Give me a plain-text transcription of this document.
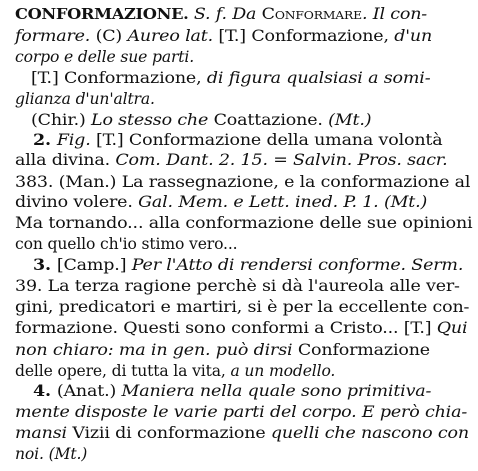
CONFORMAZIONE. S. f. Da Conformare. Il con-
formare. (C) Aureo lat. [T.] Conformazione, d'un
corpo e delle sue parti.
[T.] Conformazione, di figura qualsiasi a somi-
glianza d'un'altra.
(Chir.) Lo stesso che Coattazione. (Mt.)
2. Fig. [T.] Conformazione della umana volontà
alla divina. Com. Dant. 2. 15. = Salvin. Pros. sacr.
383. (Man.) La rassegnazione, e la conformazione al
divino volere. Gal. Mem. e Lett. ined. P. 1. (Mt.)
Ma tornando... alla conformazione delle sue opinioni
con quello ch'io stimo vero...
3. [Camp.] Per l'Atto di rendersi conforme. Serm.
39. La terza ragione perchè si dà l'aureola alle ver-
gini, predicatori e martiri, si è per la eccellente con-
formazione. Questi sono conformi a Cristo... [T.] Qui
non chiaro: ma in gen. può dirsi Conformazione
delle opere, di tutta la vita, a un modello.
4. (Anat.) Maniera nella quale sono primitiva-
mente disposte le varie parti del corpo. E però chia-
mansi Vizii di conformazione quelli che nascono con
noi. (Mt.)
